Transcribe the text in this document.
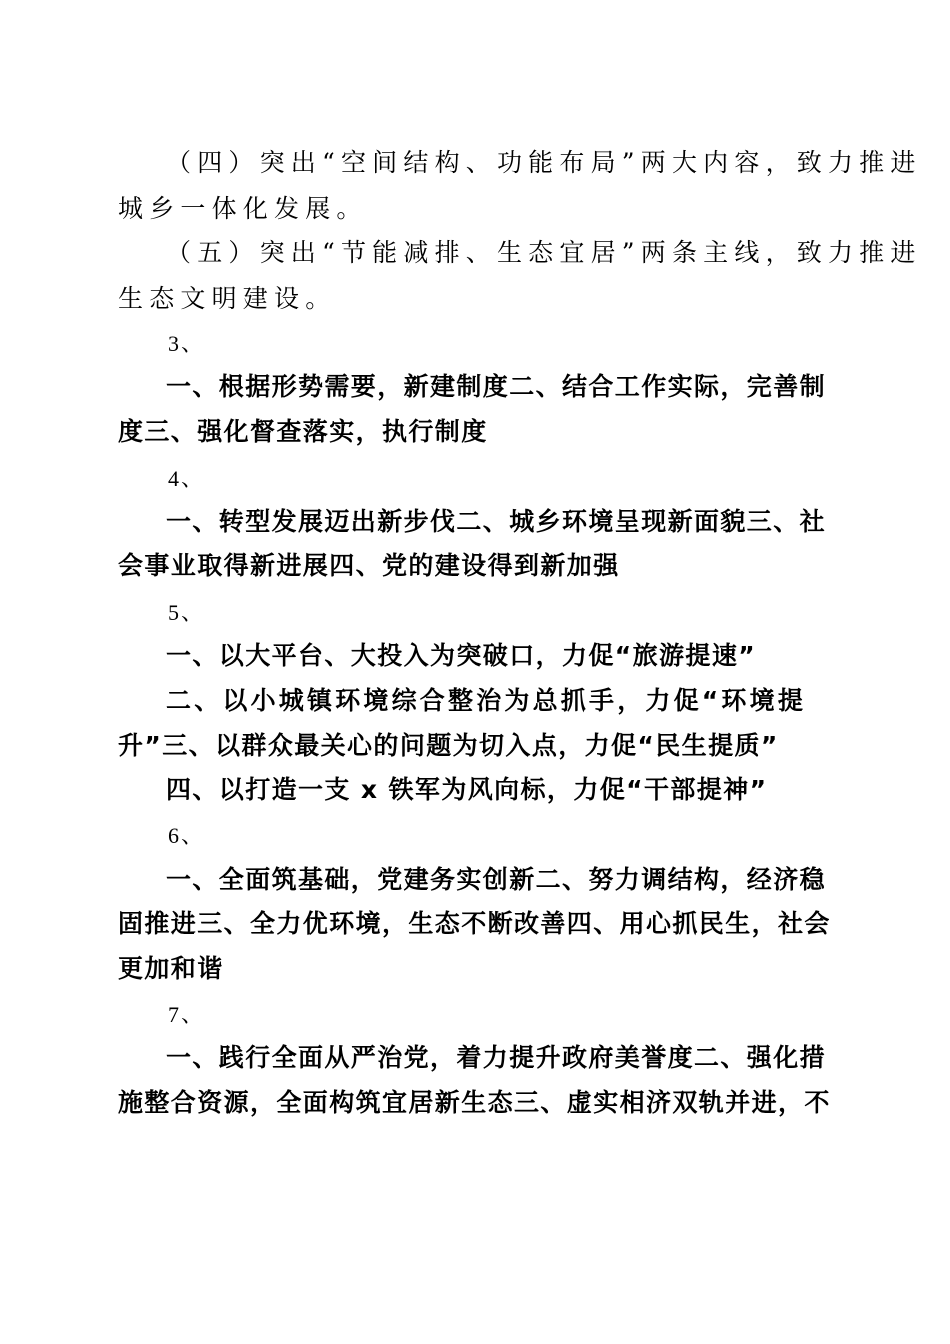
（四）突出“空间结构、功能布局”两大内容，致力推进
城乡一体化发展。
（五）突出“节能减排、生态宜居”两条主线，致力推进
生态文明建设。
3、
一、根据形势需要，新建制度二、结合工作实际，完善制
度三、强化督查落实，执行制度
4、
一、转型发展迈出新步伐二、城乡环境呈现新面貌三、社
会事业取得新进展四、党的建设得到新加强
5、
一、以大平台、大投入为突破口，力促“旅游提速”
二、以小城镇环境综合整治为总抓手，力促“环境提
升”三、以群众最关心的问题为切入点，力促“民生提质”
四、以打造一支 x 铁军为风向标，力促“干部提神”
6、
一、全面筑基础，党建务实创新二、努力调结构，经济稳
固推进三、全力优环境，生态不断改善四、用心抓民生，社会
更加和谐
7、
一、践行全面从严治党，着力提升政府美誉度二、强化措
施整合资源，全面构筑宜居新生态三、虚实相济双轨并进，不
